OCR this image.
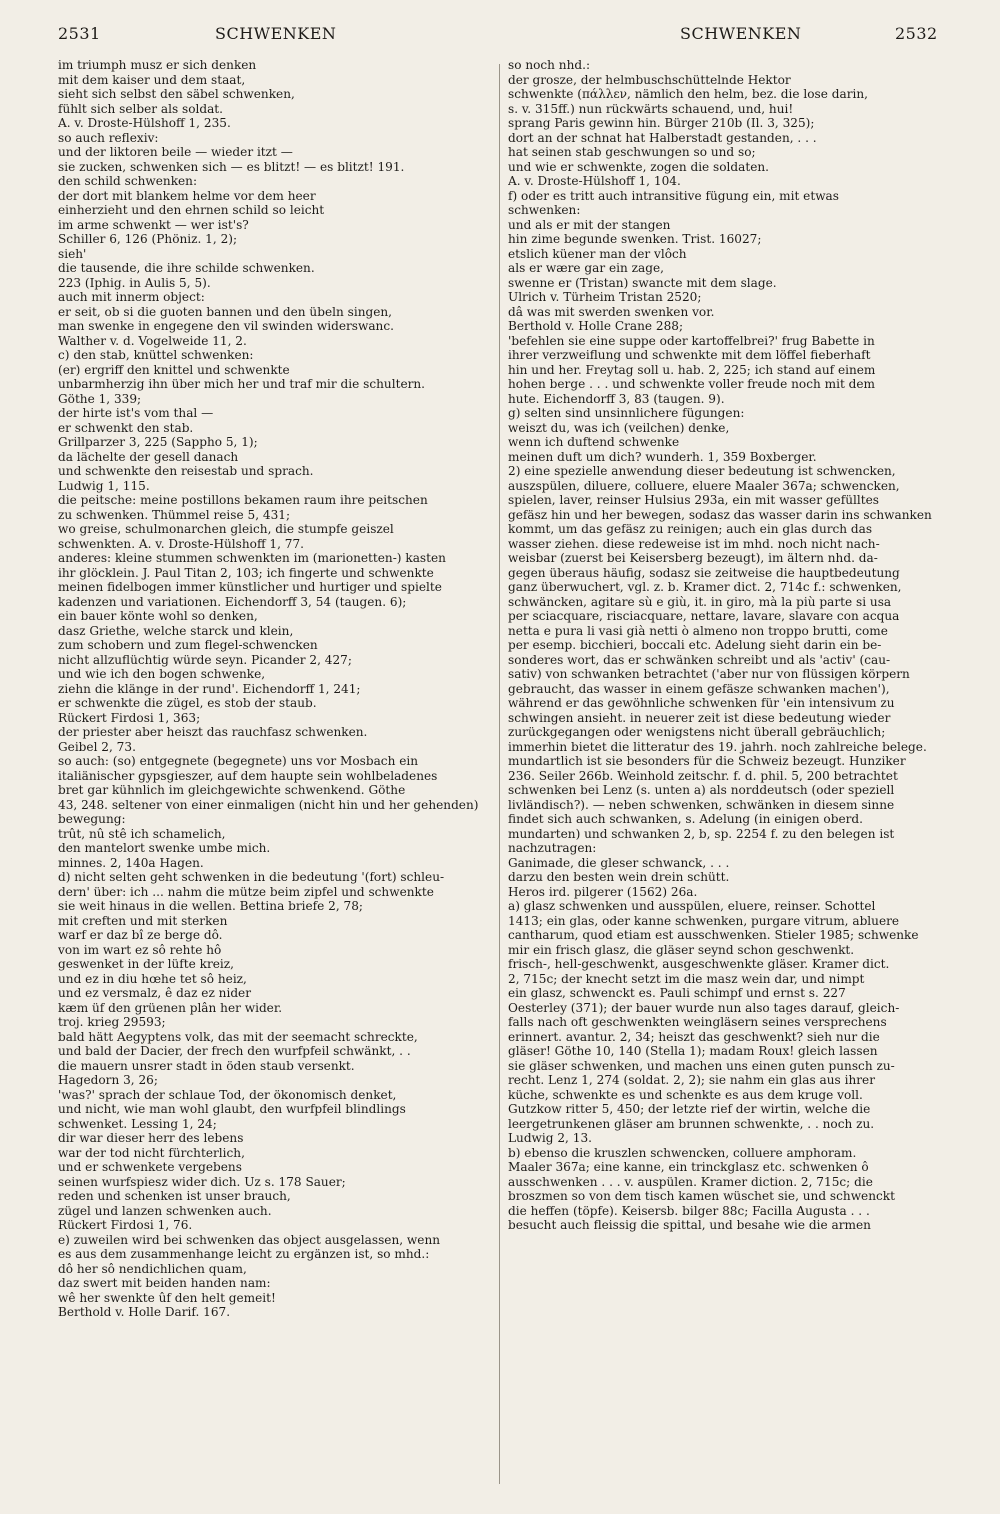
2531	SCHWENKEN	SCHWENKEN	2532
im triumph musz er sich denken
mit dem kaiser und dem staat,
sieht sich selbst den säbel schwenken,
fühlt sich selber als soldat.
A. v. Droste-Hülshoff 1, 235.
so auch reflexiv:
und der liktoren beile — wieder itzt —
sie zucken, schwenken sich — es blitzt! — es blitzt! 191.
den schild schwenken:
der dort mit blankem helme vor dem heer
einherzieht und den ehrnen schild so leicht
im arme schwenkt — wer ist's?
Schiller 6, 126 (Phöniz. 1, 2);
sieh'
die tausende, die ihre schilde schwenken.
223 (Iphig. in Aulis 5, 5).
auch mit innerm object:
er seit, ob si die guoten bannen und den übeln singen,
man swenke in engegene den vil swinden widerswanc.
Walther v. d. Vogelweide 11, 2.
c) den stab, knüttel schwenken:
(er) ergriff den knittel und schwenkte
unbarmherzig ihn über mich her und traf mir die schultern.
Göthe 1, 339;
der hirte ist's vom thal —
er schwenkt den stab.
Grillparzer 3, 225 (Sappho 5, 1);
da lächelte der gesell danach
und schwenkte den reisestab und sprach.
Ludwig 1, 115.
die peitsche: meine postillons bekamen raum ihre peitschen
zu schwenken. Thümmel reise 5, 431;
wo greise, schulmonarchen gleich, die stumpfe geiszel
schwenkten. A. v. Droste-Hülshoff 1, 77.
anderes: kleine stummen schwenkten im (marionetten-) kasten
ihr glöcklein. J. Paul Titan 2, 103; ich fingerte und schwenkte
meinen fidelbogen immer künstlicher und hurtiger und spielte
kadenzen und variationen. Eichendorff 3, 54 (taugen. 6);
ein bauer könte wohl so denken,
dasz Griethe, welche starck und klein,
zum schobern und zum flegel-schwencken
nicht allzuflüchtig würde seyn. Picander 2, 427;
und wie ich den bogen schwenke,
ziehn die klänge in der rund'. Eichendorff 1, 241;
er schwenkte die zügel, es stob der staub.
Rückert Firdosi 1, 363;
der priester aber heiszt das rauchfasz schwenken.
Geibel 2, 73.
so auch: (so) entgegnete (begegnete) uns vor Mosbach ein
italiänischer gypsgieszer, auf dem haupte sein wohlbeladenes
bret gar kühnlich im gleichgewichte schwenkend. Göthe
43, 248. seltener von einer einmaligen (nicht hin und her gehenden)
bewegung:
trût, nû stê ich schamelich,
den mantelort swenke umbe mich.
minnes. 2, 140a Hagen.
d) nicht selten geht schwenken in die bedeutung '(fort) schleu-
dern' über: ich ... nahm die mütze beim zipfel und schwenkte
sie weit hinaus in die wellen. Bettina briefe 2, 78;
mit creften und mit sterken
warf er daz bî ze berge dô.
von im wart ez sô rehte hô
geswenket in der lüfte kreiz,
und ez in diu hœhe tet sô heiz,
und ez versmalz, ê daz ez nider
kæm üf den grüenen plân her wider.
troj. krieg 29593;
bald hätt Aegyptens volk, das mit der seemacht schreckte,
und bald der Dacier, der frech den wurfpfeil schwänkt, . .
die mauern unsrer stadt in öden staub versenkt.
Hagedorn 3, 26;
'was?' sprach der schlaue Tod, der ökonomisch denket,
und nicht, wie man wohl glaubt, den wurfpfeil blindlings
schwenket. Lessing 1, 24;
dir war dieser herr des lebens
war der tod nicht fürchterlich,
und er schwenkete vergebens
seinen wurfspiesz wider dich. Uz s. 178 Sauer;
reden und schenken ist unser brauch,
zügel und lanzen schwenken auch.
Rückert Firdosi 1, 76.
e) zuweilen wird bei schwenken das object ausgelassen, wenn
es aus dem zusammenhange leicht zu ergänzen ist, so mhd.:
dô her sô nendichlichen quam,
daz swert mit beiden handen nam:
wê her swenkte ûf den helt gemeit!
Berthold v. Holle Darif. 167.
so noch nhd.:
der grosze, der helmbuschschüttelnde Hektor
schwenkte (πάλλεν, nämlich den helm, bez. die lose darin,
s. v. 315ff.) nun rückwärts schauend, und, hui!
sprang Paris gewinn hin. Bürger 210b (Il. 3, 325);
dort an der schnat hat Halberstadt gestanden, . . .
hat seinen stab geschwungen so und so;
und wie er schwenkte, zogen die soldaten.
A. v. Droste-Hülshoff 1, 104.
f) oder es tritt auch intransitive fügung ein, mit etwas
schwenken:
und als er mit der stangen
hin zime begunde swenken. Trist. 16027;
etslich küener man der vlôch
als er wære gar ein zage,
swenne er (Tristan) swancte mit dem slage.
Ulrich v. Türheim Tristan 2520;
dâ was mit swerden swenken vor.
Berthold v. Holle Crane 288;
'befehlen sie eine suppe oder kartoffelbrei?' frug Babette in
ihrer verzweiflung und schwenkte mit dem löffel fieberhaft
hin und her. Freytag soll u. hab. 2, 225; ich stand auf einem
hohen berge . . . und schwenkte voller freude noch mit dem
hute. Eichendorff 3, 83 (taugen. 9).
g) selten sind unsinnlichere fügungen:
weiszt du, was ich (veilchen) denke,
wenn ich duftend schwenke
meinen duft um dich? wunderh. 1, 359 Boxberger.
2) eine spezielle anwendung dieser bedeutung ist schwencken,
auszspülen, diluere, colluere, eluere Maaler 367a; schwencken,
spielen, laver, reinser Hulsius 293a, ein mit wasser gefülltes
gefäsz hin und her bewegen, sodasz das wasser darin ins schwanken
kommt, um das gefäsz zu reinigen; auch ein glas durch das
wasser ziehen. diese redeweise ist im mhd. noch nicht nach-
weisbar (zuerst bei Keisersberg bezeugt), im ältern nhd. da-
gegen überaus häufig, sodasz sie zeitweise die hauptbedeutung
ganz überwuchert, vgl. z. b. Kramer dict. 2, 714c f.: schwenken,
schwäncken, agitare sù e giù, it. in giro, mà la più parte si usa
per sciacquare, risciacquare, nettare, lavare, slavare con acqua
netta e pura li vasi già netti ò almeno non troppo brutti, come
per esemp. bicchieri, boccali etc. Adelung sieht darin ein be-
sonderes wort, das er schwänken schreibt und als 'activ' (cau-
sativ) von schwanken betrachtet ('aber nur von flüssigen körpern
gebraucht, das wasser in einem gefäsze schwanken machen'),
während er das gewöhnliche schwenken für 'ein intensivum zu
schwingen ansieht. in neuerer zeit ist diese bedeutung wieder
zurückgegangen oder wenigstens nicht überall gebräuchlich;
immerhin bietet die litteratur des 19. jahrh. noch zahlreiche belege.
mundartlich ist sie besonders für die Schweiz bezeugt. Hunziker
236. Seiler 266b. Weinhold zeitschr. f. d. phil. 5, 200 betrachtet
schwenken bei Lenz (s. unten a) als norddeutsch (oder speziell
livländisch?). — neben schwenken, schwänken in diesem sinne
findet sich auch schwanken, s. Adelung (in einigen oberd.
mundarten) und schwanken 2, b, sp. 2254 f. zu den belegen ist
nachzutragen:
Ganimade, die gleser schwanck, . . .
darzu den besten wein drein schütt.
Heros ird. pilgerer (1562) 26a.
a) glasz schwenken und ausspülen, eluere, reinser. Schottel
1413; ein glas, oder kanne schwenken, purgare vitrum, abluere
cantharum, quod etiam est ausschwenken. Stieler 1985; schwenke
mir ein frisch glasz, die gläser seynd schon geschwenkt.
frisch-, hell-geschwenkt, ausgeschwenkte gläser. Kramer dict.
2, 715c; der knecht setzt im die masz wein dar, und nimpt
ein glasz, schwenckt es. Pauli schimpf und ernst s. 227
Oesterley (371); der bauer wurde nun also tages darauf, gleich-
falls nach oft geschwenkten weingläsern seines versprechens
erinnert. avantur. 2, 34; heiszt das geschwenkt? sieh nur die
gläser! Göthe 10, 140 (Stella 1); madam Roux! gleich lassen
sie gläser schwenken, und machen uns einen guten punsch zu-
recht. Lenz 1, 274 (soldat. 2, 2); sie nahm ein glas aus ihrer
küche, schwenkte es und schenkte es aus dem kruge voll.
Gutzkow ritter 5, 450; der letzte rief der wirtin, welche die
leergetrunkenen gläser am brunnen schwenkte, . . noch zu.
Ludwig 2, 13.
b) ebenso die kruszlen schwencken, colluere amphoram.
Maaler 367a; eine kanne, ein trinckglasz etc. schwenken ô
ausschwenken . . . v. auspülen. Kramer diction. 2, 715c; die
broszmen so von dem tisch kamen wüschet sie, und schwenckt
die heffen (töpfe). Keisersb. bilger 88c; Facilla Augusta . . .
besucht auch fleissig die spittal, und besahe wie die armen
